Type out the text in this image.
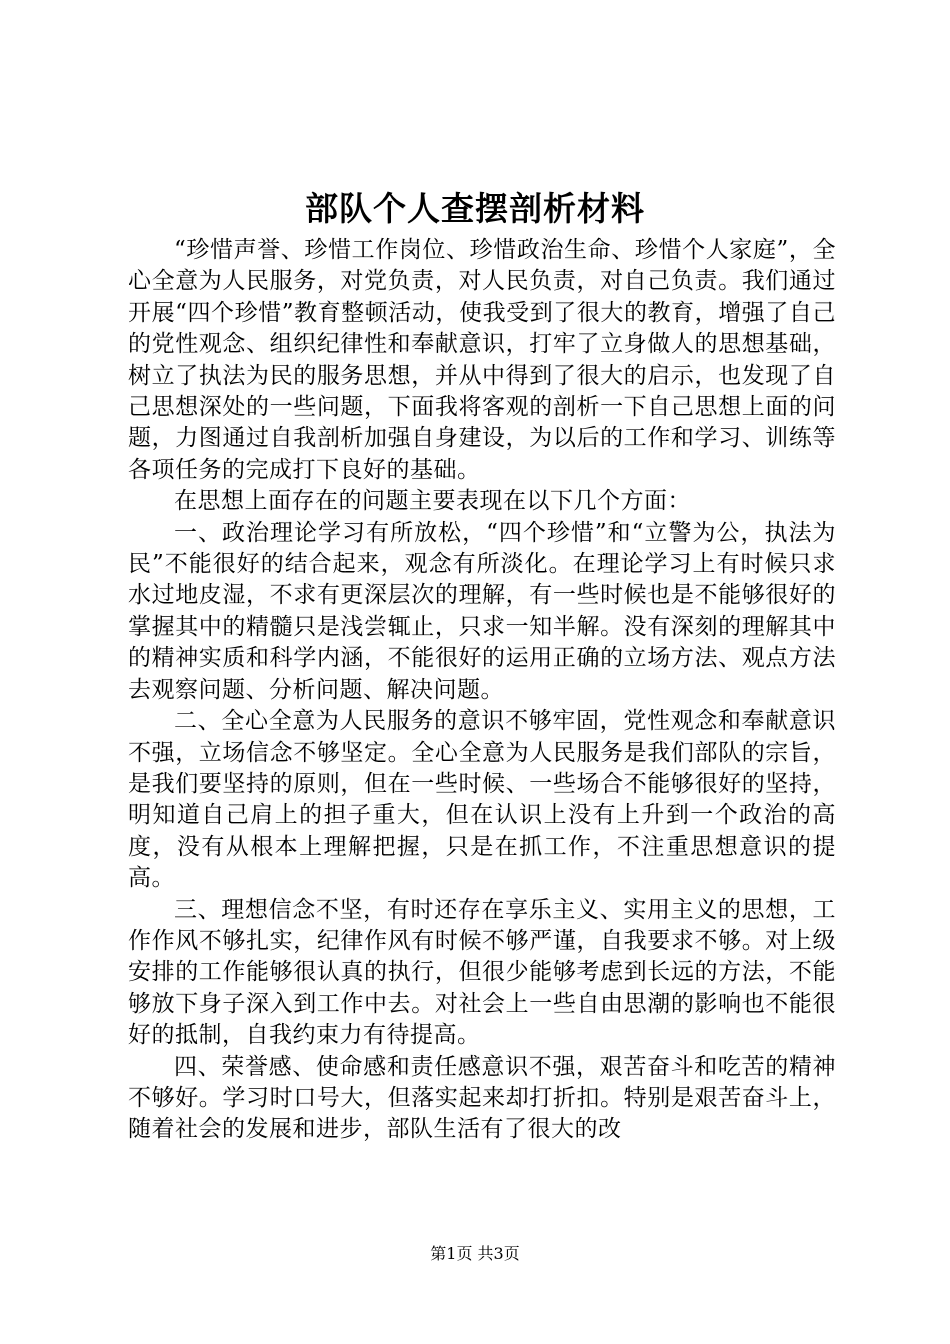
部队个人查摆剖析材料

“珍惜声誉、珍惜工作岗位、珍惜政治生命、珍惜个人家庭”，全心全意为人民服务，对党负责，对人民负责，对自己负责。我们通过开展“四个珍惜”教育整顿活动，使我受到了很大的教育，增强了自己的党性观念、组织纪律性和奉献意识，打牢了立身做人的思想基础，树立了执法为民的服务思想，并从中得到了很大的启示，也发现了自己思想深处的一些问题，下面我将客观的剖析一下自己思想上面的问题，力图通过自我剖析加强自身建设，为以后的工作和学习、训练等各项任务的完成打下良好的基础。

在思想上面存在的问题主要表现在以下几个方面：

一、政治理论学习有所放松，“四个珍惜”和“立警为公，执法为民”不能很好的结合起来，观念有所淡化。在理论学习上有时候只求水过地皮湿，不求有更深层次的理解，有一些时候也是不能够很好的掌握其中的精髓只是浅尝辄止，只求一知半解。没有深刻的理解其中的精神实质和科学内涵，不能很好的运用正确的立场方法、观点方法去观察问题、分析问题、解决问题。

二、全心全意为人民服务的意识不够牢固，党性观念和奉献意识不强，立场信念不够坚定。全心全意为人民服务是我们部队的宗旨，是我们要坚持的原则，但在一些时候、一些场合不能够很好的坚持，明知道自己肩上的担子重大，但在认识上没有上升到一个政治的高度，没有从根本上理解把握，只是在抓工作，不注重思想意识的提高。

三、理想信念不坚，有时还存在享乐主义、实用主义的思想，工作作风不够扎实，纪律作风有时候不够严谨，自我要求不够。对上级安排的工作能够很认真的执行，但很少能够考虑到长远的方法，不能够放下身子深入到工作中去。对社会上一些自由思潮的影响也不能很好的抵制，自我约束力有待提高。

四、荣誉感、使命感和责任感意识不强，艰苦奋斗和吃苦的精神不够好。学习时口号大，但落实起来却打折扣。特别是艰苦奋斗上，随着社会的发展和进步，部队生活有了很大的改

第1页 共3页
